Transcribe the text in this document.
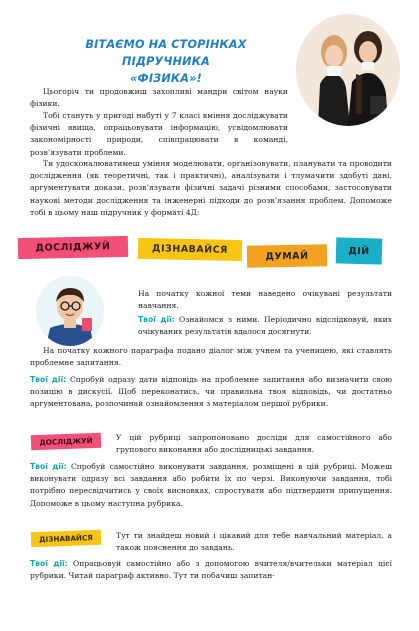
ВІТАЄМО НА СТОРІНКАХ ПІДРУЧНИКА
«ФІЗИКА»!

Цьогоріч ти продовжиш захопливі мандри світом науки фізики.

Тобі стануть у пригоді набуті у 7 класі вміння досліджувати фізичні явища, опрацьовувати інформацію, усвідомлювати закономірності природи, співпрацювати в команді, розв’язувати проблеми.

Ти удосконалюватимеш уміння моделювати, організовувати, планувати та проводити дослідження (як теоретичні, так і практичні), аналізувати і тлумачити здобуті дані, аргументувати докази, розв’язувати фізичні задачі різними способами, застосовувати наукові методи дослідження та інженерні підходи до розв’язання проблем. Допоможе тобі в цьому наш підручник у форматі 4Д:

ДОСЛІДЖУЙ	ДІЗНАВАЙСЯ
ДУМАЙ	ДІЙ

На початку кожної теми наведено очікувані результати навчання.

Твої дії: Ознайомся з ними. Періодично відслідковуй, яких очікуваних результатів вдалося досягнути.

На початку кожного параграфа подано діалог між учнем та ученицею, які ставлять проблемне запитання.

Твої дії: Спробуй одразу дати відповідь на проблемне запитання або визначити свою позицію в дискусії. Щоб переконатись, чи правильна твоя відповідь, чи достатньо аргументована, розпочинай ознайомлення з матеріалом першої рубрики.

ДОСЛІДЖУЙ	У цій рубриці запропоновано досліди для самостійного або групового виконання або дослідницькі завдання.

Твої дії: Спробуй самостійно виконувати завдання, розміщені в цій рубриці. Можеш виконувати одразу всі завдання або робити їх по черзі. Виконуючи завдання, тобі потрібно пересвідчитись у своїх висновках, спростувати або підтвердити припущення. Допоможе в цьому наступна рубрика.

ДІЗНАВАЙСЯ	Тут ти знайдеш новий і цікавий для тебе навчальний матеріал, а також пояснення до завдань.

Твої дії: Опрацьовуй самостійно або з допомогою вчителя/вчительки матеріал цієї рубрики. Читай параграф активно. Тут ти побачиш запитан-
